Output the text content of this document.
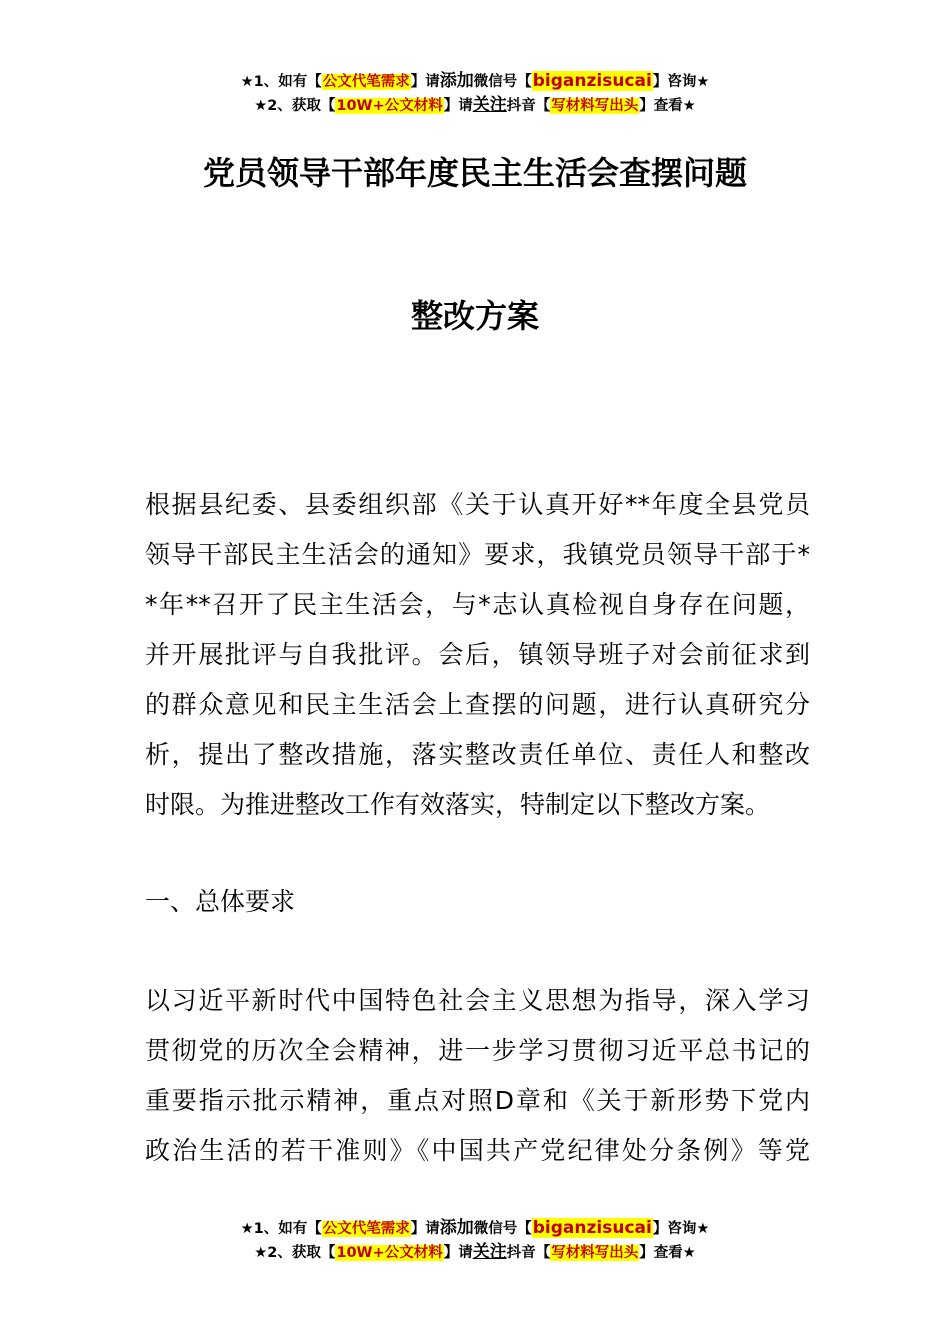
★1、如有【公文代笔需求】请添加微信号【biganzisucai】咨询★
★2、获取【10W+公文材料】请关注抖音【写材料写出头】查看★
党员领导干部年度民主生活会查摆问题
整改方案
根据县纪委、县委组织部《关于认真开好**年度全县党员
领导干部民主生活会的通知》要求，我镇党员领导干部于*
*年**召开了民主生活会，与*志认真检视自身存在问题，
并开展批评与自我批评。会后，镇领导班子对会前征求到
的群众意见和民主生活会上查摆的问题，进行认真研究分
析，提出了整改措施，落实整改责任单位、责任人和整改
时限。为推进整改工作有效落实，特制定以下整改方案。
一、总体要求
以习近平新时代中国特色社会主义思想为指导，深入学习
贯彻党的历次全会精神，进一步学习贯彻习近平总书记的
重要指示批示精神，重点对照D章和《关于新形势下党内
政治生活的若干准则》《中国共产党纪律处分条例》等党
★1、如有【公文代笔需求】请添加微信号【biganzisucai】咨询★
★2、获取【10W+公文材料】请关注抖音【写材料写出头】查看★
